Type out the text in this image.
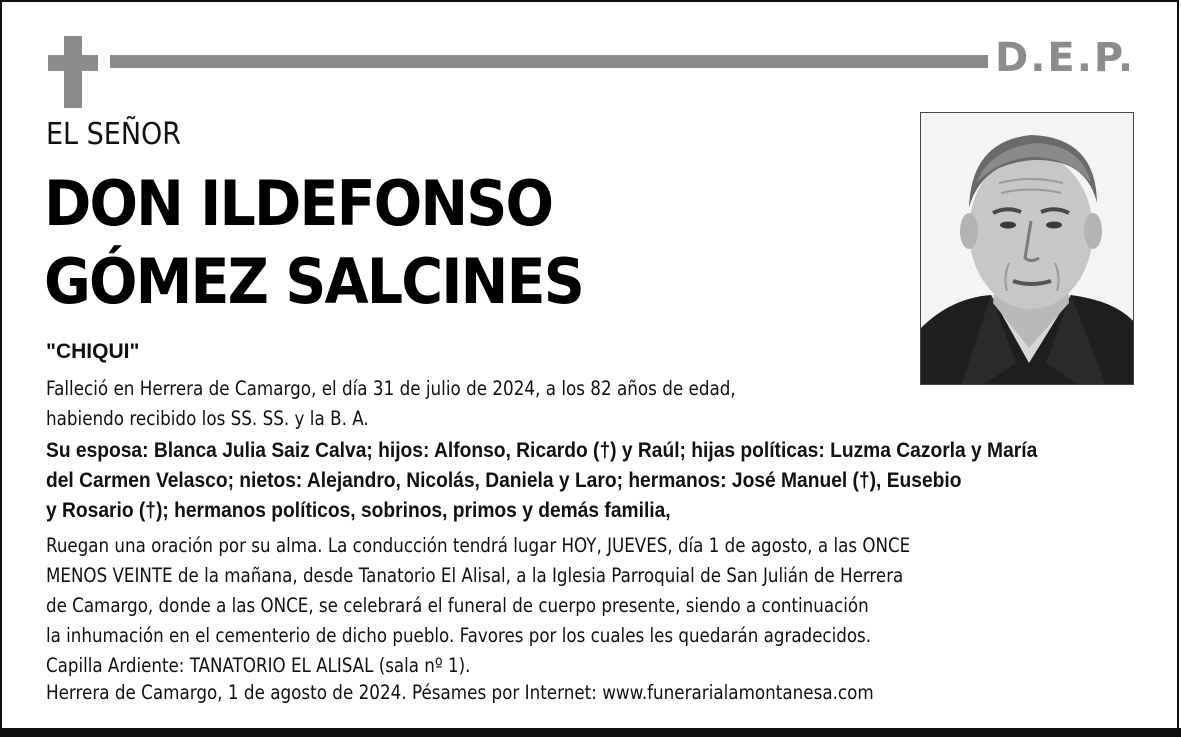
D.E.P.
EL SEÑOR
DON ILDEFONSO
GÓMEZ SALCINES
"CHIQUI"
Falleció en Herrera de Camargo, el día 31 de julio de 2024, a los 82 años de edad,
habiendo recibido los SS. SS. y la B. A.
Su esposa: Blanca Julia Saiz Calva; hijos: Alfonso, Ricardo (†) y Raúl; hijas políticas: Luzma Cazorla y María
del Carmen Velasco; nietos: Alejandro, Nicolás, Daniela y Laro; hermanos: José Manuel (†), Eusebio
y Rosario (†); hermanos políticos, sobrinos, primos y demás familia,
Ruegan una oración por su alma. La conducción tendrá lugar HOY, JUEVES, día 1 de agosto, a las ONCE
MENOS VEINTE de la mañana, desde Tanatorio El Alisal, a la Iglesia Parroquial de San Julián de Herrera
de Camargo, donde a las ONCE, se celebrará el funeral de cuerpo presente, siendo a continuación
la inhumación en el cementerio de dicho pueblo. Favores por los cuales les quedarán agradecidos.
Capilla Ardiente: TANATORIO EL ALISAL (sala nº 1).
Herrera de Camargo, 1 de agosto de 2024. Pésames por Internet: www.funerarialamontanesa.com
